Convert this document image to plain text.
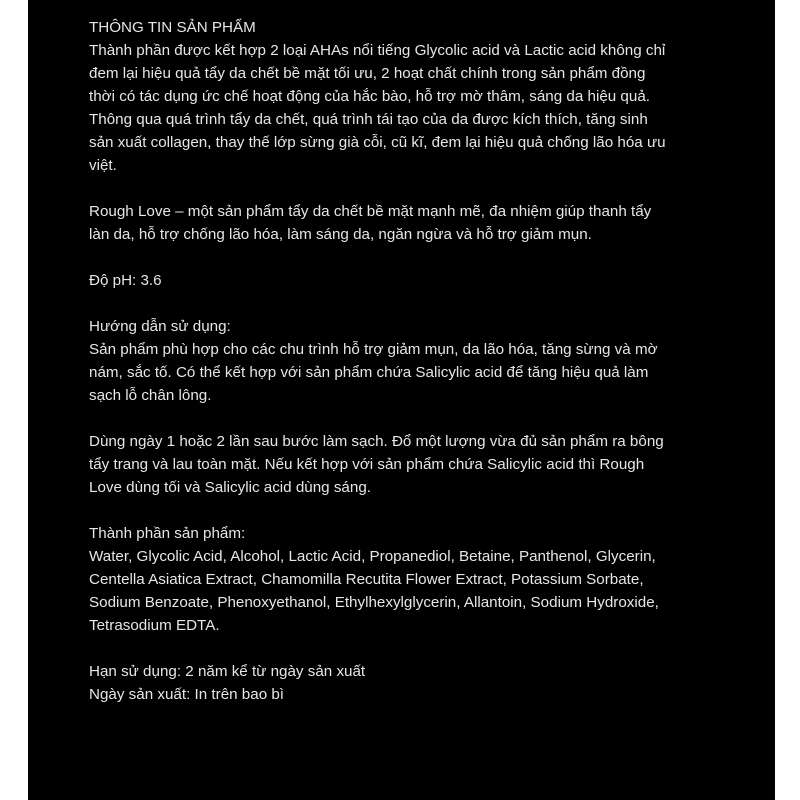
THÔNG TIN SẢN PHẨM
Thành phần được kết hợp 2 loại AHAs nổi tiếng Glycolic acid và Lactic acid không chỉ
đem lại hiệu quả tẩy da chết bề mặt tối ưu, 2 hoạt chất chính trong sản phẩm đồng
thời có tác dụng ức chế hoạt động của hắc bào, hỗ trợ mờ thâm, sáng da hiệu quả.
Thông qua quá trình tẩy da chết, quá trình tái tạo của da được kích thích, tăng sinh
sản xuất collagen, thay thế lớp sừng già cỗi, cũ kĩ, đem lại hiệu quả chống lão hóa ưu
việt.
Rough Love – một sản phẩm tẩy da chết bề mặt mạnh mẽ, đa nhiệm giúp thanh tẩy
làn da, hỗ trợ chống lão hóa, làm sáng da, ngăn ngừa và hỗ trợ giảm mụn.
Độ pH: 3.6
Hướng dẫn sử dụng:
Sản phẩm phù hợp cho các chu trình hỗ trợ giảm mụn, da lão hóa, tăng sừng và mờ
nám, sắc tố. Có thể kết hợp với sản phẩm chứa Salicylic acid để tăng hiệu quả làm
sạch lỗ chân lông.
Dùng ngày 1 hoặc 2 lần sau bước làm sạch. Đổ một lượng vừa đủ sản phẩm ra bông
tẩy trang và lau toàn mặt. Nếu kết hợp với sản phẩm chứa Salicylic acid thì Rough
Love dùng tối và Salicylic acid dùng sáng.
Thành phần sản phẩm:
Water, Glycolic Acid, Alcohol, Lactic Acid, Propanediol, Betaine, Panthenol, Glycerin,
Centella Asiatica Extract, Chamomilla Recutita Flower Extract, Potassium Sorbate,
Sodium Benzoate, Phenoxyethanol, Ethylhexylglycerin, Allantoin, Sodium Hydroxide,
Tetrasodium EDTA.
Hạn sử dụng: 2 năm kể từ ngày sản xuất
Ngày sản xuất: In trên bao bì
